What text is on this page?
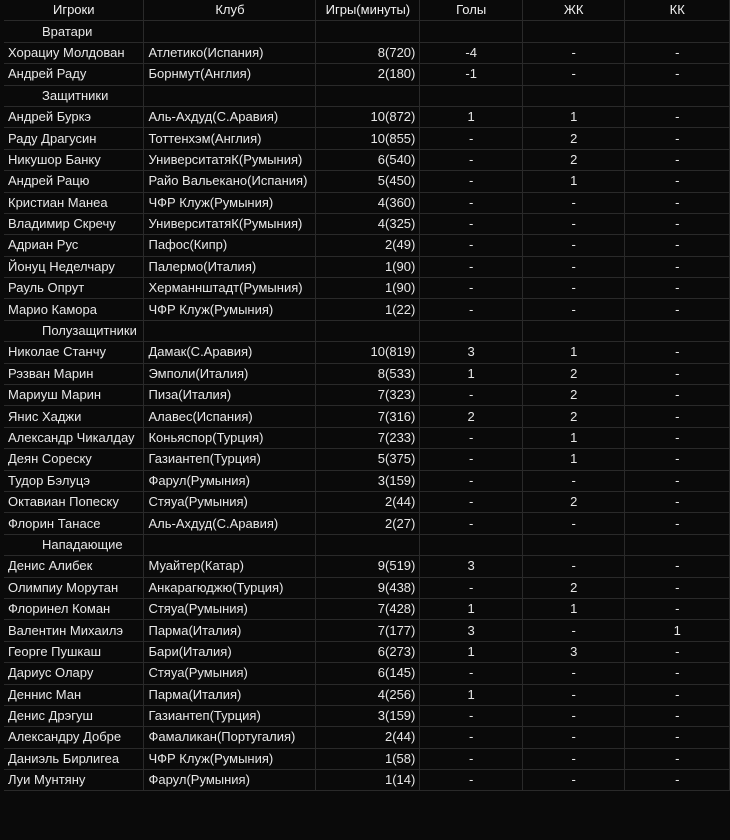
Игроки	Клуб	Игры(минуты)	Голы	ЖК	КК
Вратари					
Хорациу Молдован	Атлетико(Испания)	8(720)	-4	-	-
Андрей Раду	Борнмут(Англия)	2(180)	-1	-	-
Защитники					
Андрей Буркэ	Аль-Ахдуд(С.Аравия)	10(872)	1	1	-
Раду Драгусин	Тоттенхэм(Англия)	10(855)	-	2	-
Никушор Банку	УниверситатяК(Румыния)	6(540)	-	2	-
Андрей Рацю	Райо Вальекано(Испания)	5(450)	-	1	-
Кристиан Манеа	ЧФР Клуж(Румыния)	4(360)	-	-	-
Владимир Скречу	УниверситатяК(Румыния)	4(325)	-	-	-
Адриан Рус	Пафос(Кипр)	2(49)	-	-	-
Йонуц Неделчару	Палермо(Италия)	1(90)	-	-	-
Рауль Опрут	Херманнштадт(Румыния)	1(90)	-	-	-
Марио Камора	ЧФР Клуж(Румыния)	1(22)	-	-	-
Полузащитники					
Николае Станчу	Дамак(С.Аравия)	10(819)	3	1	-
Рэзван Марин	Эмполи(Италия)	8(533)	1	2	-
Мариуш Марин	Пиза(Италия)	7(323)	-	2	-
Янис Хаджи	Алавес(Испания)	7(316)	2	2	-
Александр Чикалдау	Коньяспор(Турция)	7(233)	-	1	-
Деян Сореску	Газиантеп(Турция)	5(375)	-	1	-
Тудор Бэлуцэ	Фарул(Румыния)	3(159)	-	-	-
Октавиан Попеску	Стяуа(Румыния)	2(44)	-	2	-
Флорин Танасе	Аль-Ахдуд(С.Аравия)	2(27)	-	-	-
Нападающие					
Денис Алибек	Муайтер(Катар)	9(519)	3	-	-
Олимпиу Морутан	Анкарагюджю(Турция)	9(438)	-	2	-
Флоринел Коман	Стяуа(Румыния)	7(428)	1	1	-
Валентин Михаилэ	Парма(Италия)	7(177)	3	-	1
Георге Пушкаш	Бари(Италия)	6(273)	1	3	-
Дариус Олару	Стяуа(Румыния)	6(145)	-	-	-
Деннис Ман	Парма(Италия)	4(256)	1	-	-
Денис Дрэгуш	Газиантеп(Турция)	3(159)	-	-	-
Александру Добре	Фамаликан(Португалия)	2(44)	-	-	-
Даниэль Бирлигеа	ЧФР Клуж(Румыния)	1(58)	-	-	-
Луи Мунтяну	Фарул(Румыния)	1(14)	-	-	-
